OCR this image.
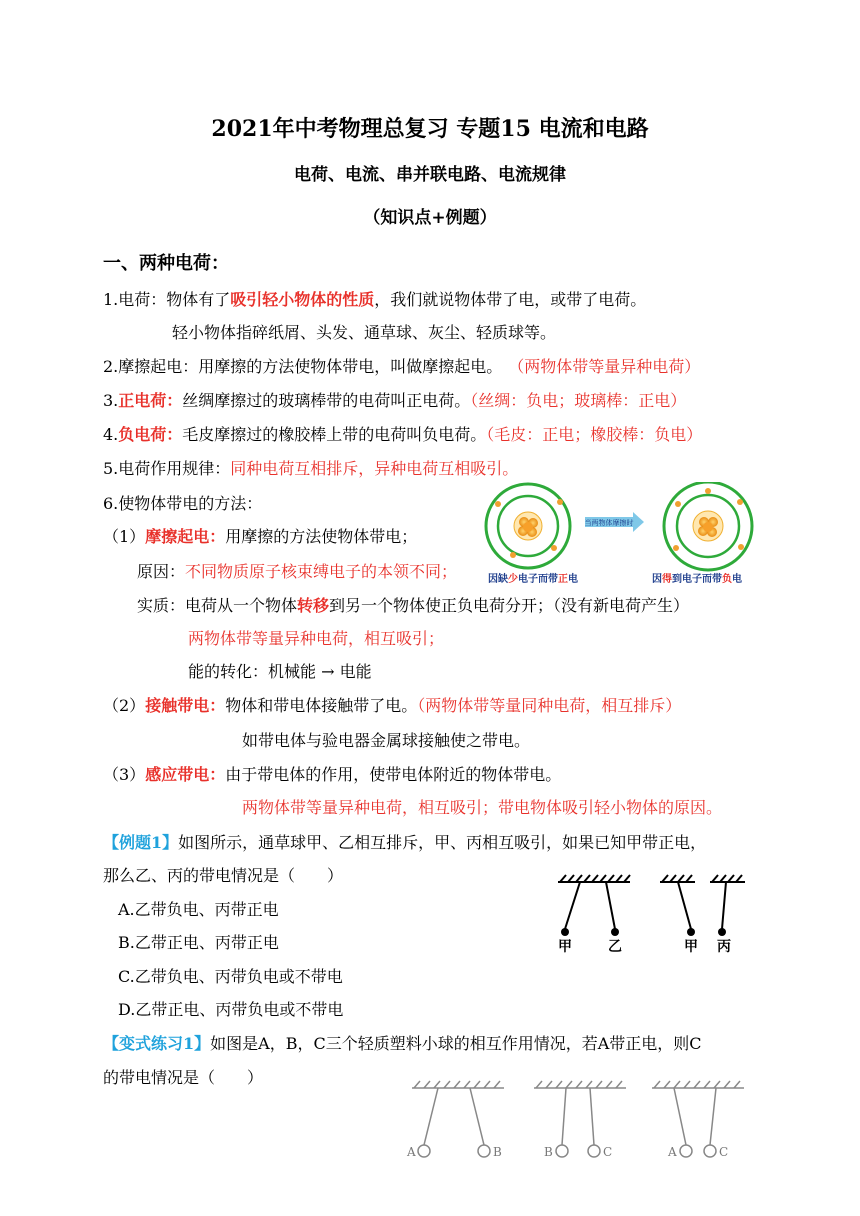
2021年中考物理总复习 专题15 电流和电路
电荷、电流、串并联电路、电流规律
（知识点+例题）
一、两种电荷：
1.电荷：物体有了吸引轻小物体的性质，我们就说物体带了电，或带了电荷。
轻小物体指碎纸屑、头发、通草球、灰尘、轻质球等。
2.摩擦起电：用摩擦的方法使物体带电，叫做摩擦起电。 （两物体带等量异种电荷）
3.正电荷：丝绸摩擦过的玻璃棒带的电荷叫正电荷。（丝绸：负电；玻璃棒：正电）
4.负电荷：毛皮摩擦过的橡胶棒上带的电荷叫负电荷。（毛皮：正电；橡胶棒：负电）
5.电荷作用规律：同种电荷互相排斥，异种电荷互相吸引。
6.使物体带电的方法：
（1）摩擦起电：用摩擦的方法使物体带电；
原因：不同物质原子核束缚电子的本领不同；
实质：电荷从一个物体转移到另一个物体使正负电荷分开；（没有新电荷产生）
两物体带等量异种电荷，相互吸引；
能的转化：机械能 → 电能
（2）接触带电：物体和带电体接触带了电。（两物体带等量同种电荷，相互排斥）
如带电体与验电器金属球接触使之带电。
（3）感应带电：由于带电体的作用，使带电体附近的物体带电。
两物体带等量异种电荷，相互吸引；带电物体吸引轻小物体的原因。
【例题1】如图所示，通草球甲、乙相互排斥，甲、丙相互吸引，如果已知甲带正电，
那么乙、丙的带电情况是（　　）
A.乙带负电、丙带正电
B.乙带正电、丙带正电
C.乙带负电、丙带负电或不带电
D.乙带正电、丙带负电或不带电
【变式练习1】如图是A，B，C三个轻质塑料小球的相互作用情况，若A带正电，则C
的带电情况是（　　）
当两物体摩擦时
因缺少电子而带正电	因得到电子而带负电
甲	乙	甲 丙
A	B	B	C	A	C
